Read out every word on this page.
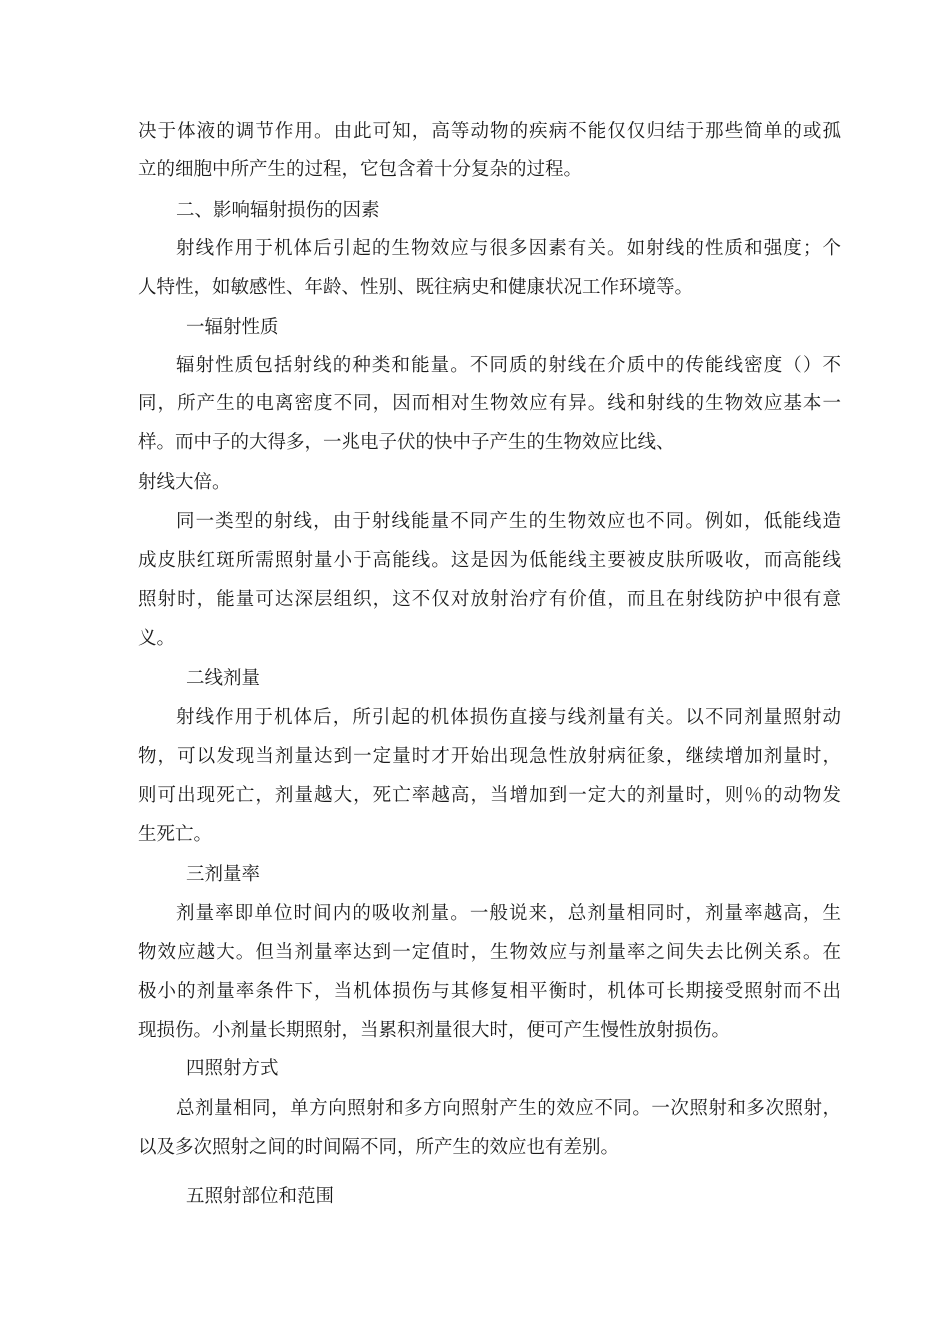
决于体液的调节作用。由此可知，高等动物的疾病不能仅仅归结于那些简单的或孤

立的细胞中所产生的过程，它包含着十分复杂的过程。

二、影响辐射损伤的因素

射线作用于机体后引起的生物效应与很多因素有关。如射线的性质和强度；个

人特性，如敏感性、年龄、性别、既往病史和健康状况工作环境等。

一辐射性质

辐射性质包括射线的种类和能量。不同质的射线在介质中的传能线密度（）不

同，所产生的电离密度不同，因而相对生物效应有异。线和射线的生物效应基本一

样。而中子的大得多，一兆电子伏的快中子产生的生物效应比线、

射线大倍。

同一类型的射线，由于射线能量不同产生的生物效应也不同。例如，低能线造

成皮肤红斑所需照射量小于高能线。这是因为低能线主要被皮肤所吸收，而高能线

照射时，能量可达深层组织，这不仅对放射治疗有价值，而且在射线防护中很有意

义。

二线剂量

射线作用于机体后，所引起的机体损伤直接与线剂量有关。以不同剂量照射动

物，可以发现当剂量达到一定量时才开始出现急性放射病征象，继续增加剂量时，

则可出现死亡，剂量越大，死亡率越高，当增加到一定大的剂量时，则％的动物发

生死亡。

三剂量率

剂量率即单位时间内的吸收剂量。一般说来，总剂量相同时，剂量率越高，生

物效应越大。但当剂量率达到一定值时，生物效应与剂量率之间失去比例关系。在

极小的剂量率条件下，当机体损伤与其修复相平衡时，机体可长期接受照射而不出

现损伤。小剂量长期照射，当累积剂量很大时，便可产生慢性放射损伤。

四照射方式

总剂量相同，单方向照射和多方向照射产生的效应不同。一次照射和多次照射，

以及多次照射之间的时间隔不同，所产生的效应也有差别。

五照射部位和范围
